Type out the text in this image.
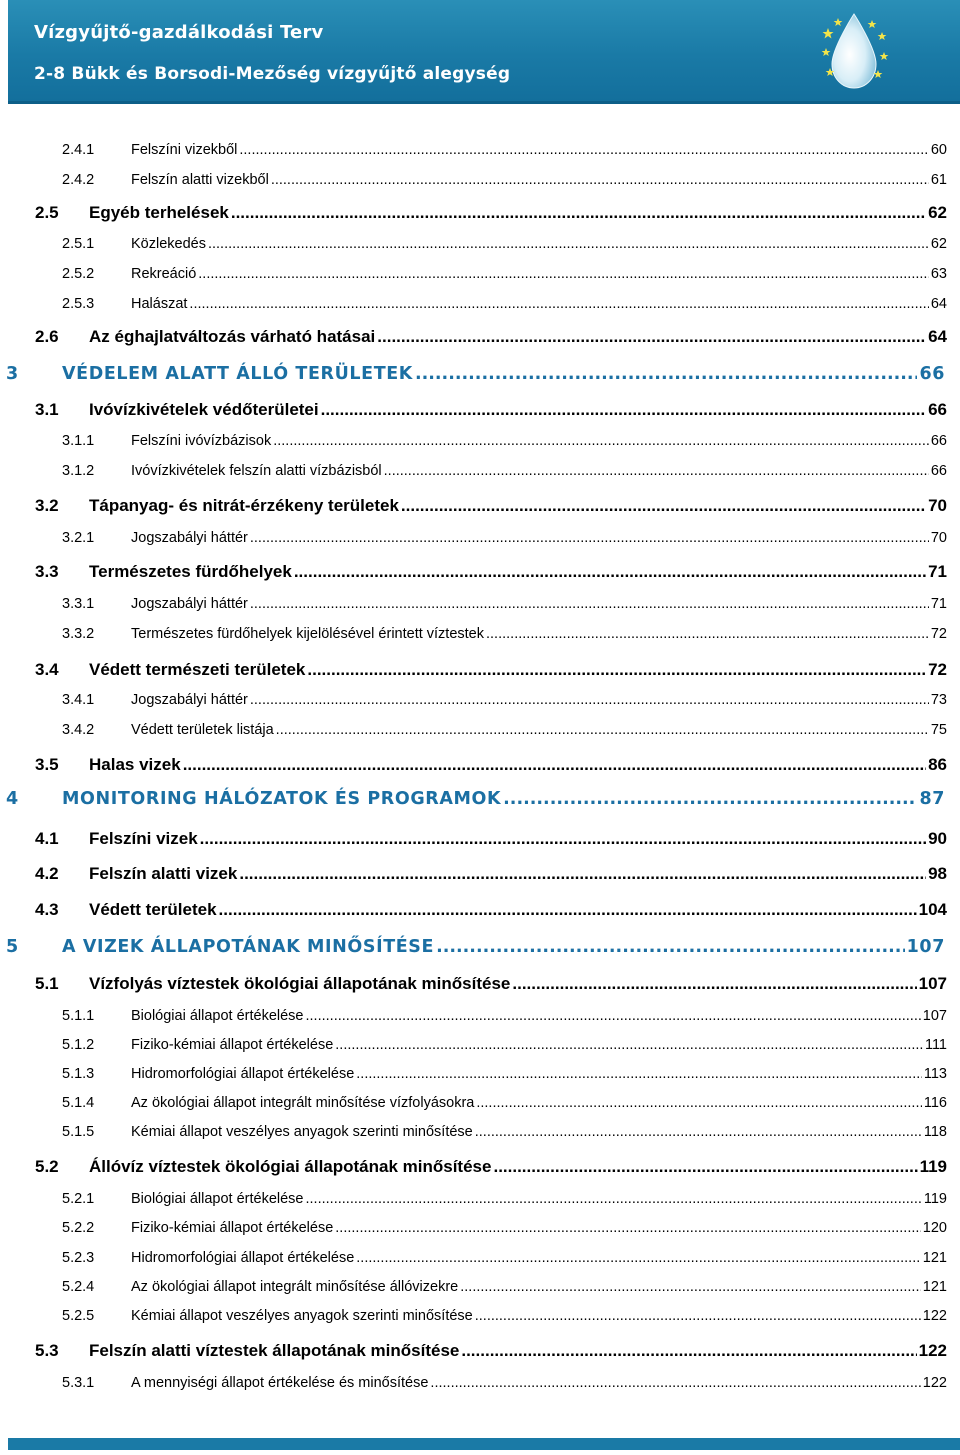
Vízgyűjtő-gazdálkodási Terv
2-8 Bükk és Borsodi-Mezőség vízgyűjtő alegység
2.4.1	Felszíni vizekből .....	60
2.4.2	Felszín alatti vizekből .....	61
2.5 Egyéb terhelések .....	62
2.5.1	Közlekedés .....	62
2.5.2	Rekreáció .....	63
2.5.3	Halászat .....	64
2.6 Az éghajlatváltozás várható hatásai .....	64
3 VÉDELEM ALATT ÁLLÓ TERÜLETEK .....	66
3.1 Ivóvízkivételek védőterületei .....	66
3.1.1	Felszíni ivóvízbázisok .....	66
3.1.2	Ivóvízkivételek felszín alatti vízbázisból .....	66
3.2 Tápanyag- és nitrát-érzékeny területek .....	70
3.2.1	Jogszabályi háttér .....	70
3.3 Természetes fürdőhelyek .....	71
3.3.1	Jogszabályi háttér .....	71
3.3.2	Természetes fürdőhelyek kijelölésével érintett víztestek .....	72
3.4 Védett természeti területek .....	72
3.4.1	Jogszabályi háttér .....	73
3.4.2	Védett területek listája .....	75
3.5 Halas vizek .....	86
4 MONITORING HÁLÓZATOK ÉS PROGRAMOK .....	87
4.1 Felszíni vizek .....	90
4.2 Felszín alatti vizek .....	98
4.3 Védett területek .....	104
5 A VIZEK ÁLLAPOTÁNAK MINŐSÍTÉSE .....	107
5.1 Vízfolyás víztestek ökológiai állapotának minősítése .....	107
5.1.1	Biológiai állapot értékelése .....	107
5.1.2	Fiziko-kémiai állapot értékelése .....	111
5.1.3	Hidromorfológiai állapot értékelése .....	113
5.1.4	Az ökológiai állapot integrált minősítése vízfolyásokra .....	116
5.1.5	Kémiai állapot veszélyes anyagok szerinti minősítése .....	118
5.2 Állóvíz víztestek ökológiai állapotának minősítése .....	119
5.2.1	Biológiai állapot értékelése .....	119
5.2.2	Fiziko-kémiai állapot értékelése .....	120
5.2.3	Hidromorfológiai állapot értékelése .....	121
5.2.4	Az ökológiai állapot integrált minősítése állóvizekre .....	121
5.2.5	Kémiai állapot veszélyes anyagok szerinti minősítése .....	122
5.3 Felszín alatti víztestek állapotának minősítése .....	122
5.3.1	A mennyiségi állapot értékelése és minősítése .....	122
